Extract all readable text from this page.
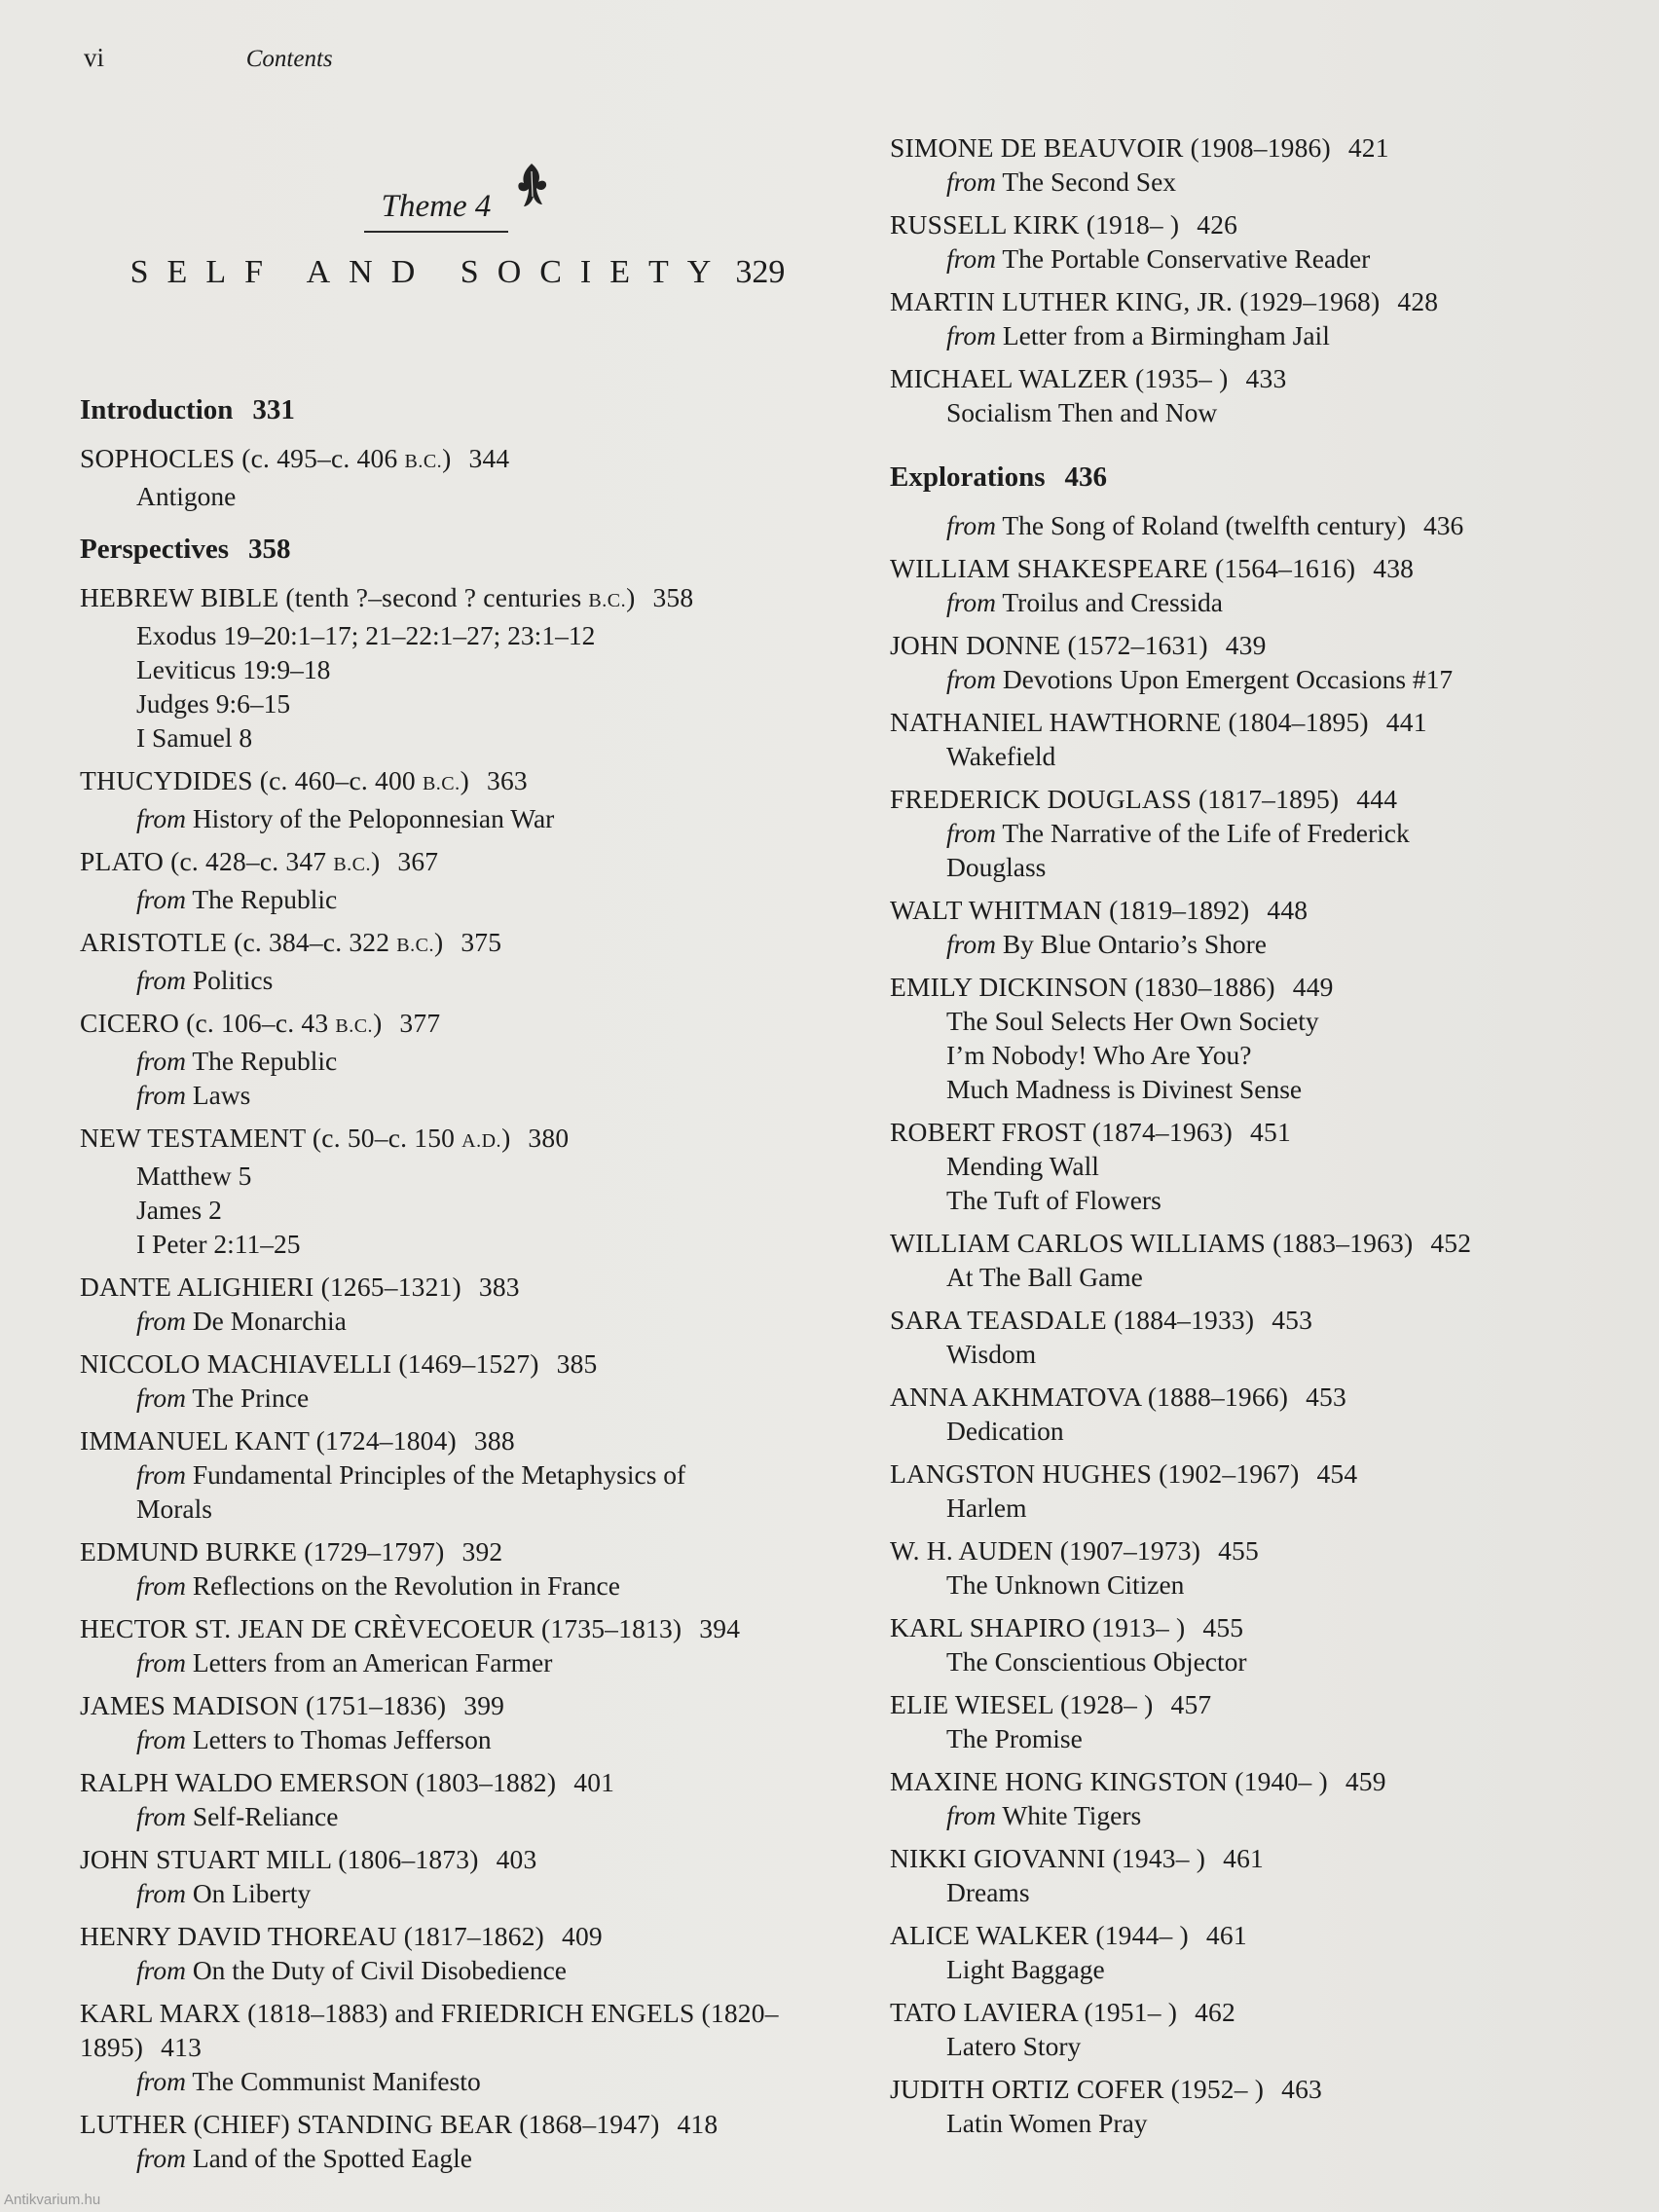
vi	Contents
Theme 4
SELF AND SOCIETY 329
Introduction 331
SOPHOCLES (c. 495–c. 406 B.C.) 344
Antigone
Perspectives 358
HEBREW BIBLE (tenth ?–second ? centuries B.C.) 358
Exodus 19–20:1–17; 21–22:1–27; 23:1–12
Leviticus 19:9–18
Judges 9:6–15
I Samuel 8
THUCYDIDES (c. 460–c. 400 B.C.) 363
from History of the Peloponnesian War
PLATO (c. 428–c. 347 B.C.) 367
from The Republic
ARISTOTLE (c. 384–c. 322 B.C.) 375
from Politics
CICERO (c. 106–c. 43 B.C.) 377
from The Republic
from Laws
NEW TESTAMENT (c. 50–c. 150 A.D.) 380
Matthew 5
James 2
I Peter 2:11–25
DANTE ALIGHIERI (1265–1321) 383
from De Monarchia
NICCOLO MACHIAVELLI (1469–1527) 385
from The Prince
IMMANUEL KANT (1724–1804) 388
from Fundamental Principles of the Metaphysics of
Morals
EDMUND BURKE (1729–1797) 392
from Reflections on the Revolution in France
HECTOR ST. JEAN DE CRÈVECOEUR (1735–1813) 394
from Letters from an American Farmer
JAMES MADISON (1751–1836) 399
from Letters to Thomas Jefferson
RALPH WALDO EMERSON (1803–1882) 401
from Self-Reliance
JOHN STUART MILL (1806–1873) 403
from On Liberty
HENRY DAVID THOREAU (1817–1862) 409
from On the Duty of Civil Disobedience
KARL MARX (1818–1883) and FRIEDRICH ENGELS (1820–1895) 413
from The Communist Manifesto
LUTHER (CHIEF) STANDING BEAR (1868–1947) 418
from Land of the Spotted Eagle
SIMONE DE BEAUVOIR (1908–1986) 421
from The Second Sex
RUSSELL KIRK (1918– ) 426
from The Portable Conservative Reader
MARTIN LUTHER KING, JR. (1929–1968) 428
from Letter from a Birmingham Jail
MICHAEL WALZER (1935– ) 433
Socialism Then and Now
Explorations 436
from The Song of Roland (twelfth century) 436
WILLIAM SHAKESPEARE (1564–1616) 438
from Troilus and Cressida
JOHN DONNE (1572–1631) 439
from Devotions Upon Emergent Occasions #17
NATHANIEL HAWTHORNE (1804–1895) 441
Wakefield
FREDERICK DOUGLASS (1817–1895) 444
from The Narrative of the Life of Frederick
Douglass
WALT WHITMAN (1819–1892) 448
from By Blue Ontario’s Shore
EMILY DICKINSON (1830–1886) 449
The Soul Selects Her Own Society
I’m Nobody! Who Are You?
Much Madness is Divinest Sense
ROBERT FROST (1874–1963) 451
Mending Wall
The Tuft of Flowers
WILLIAM CARLOS WILLIAMS (1883–1963) 452
At The Ball Game
SARA TEASDALE (1884–1933) 453
Wisdom
ANNA AKHMATOVA (1888–1966) 453
Dedication
LANGSTON HUGHES (1902–1967) 454
Harlem
W. H. AUDEN (1907–1973) 455
The Unknown Citizen
KARL SHAPIRO (1913– ) 455
The Conscientious Objector
ELIE WIESEL (1928– ) 457
The Promise
MAXINE HONG KINGSTON (1940– ) 459
from White Tigers
NIKKI GIOVANNI (1943– ) 461
Dreams
ALICE WALKER (1944– ) 461
Light Baggage
TATO LAVIERA (1951– ) 462
Latero Story
JUDITH ORTIZ COFER (1952– ) 463
Latin Women Pray
Antikvarium.hu
